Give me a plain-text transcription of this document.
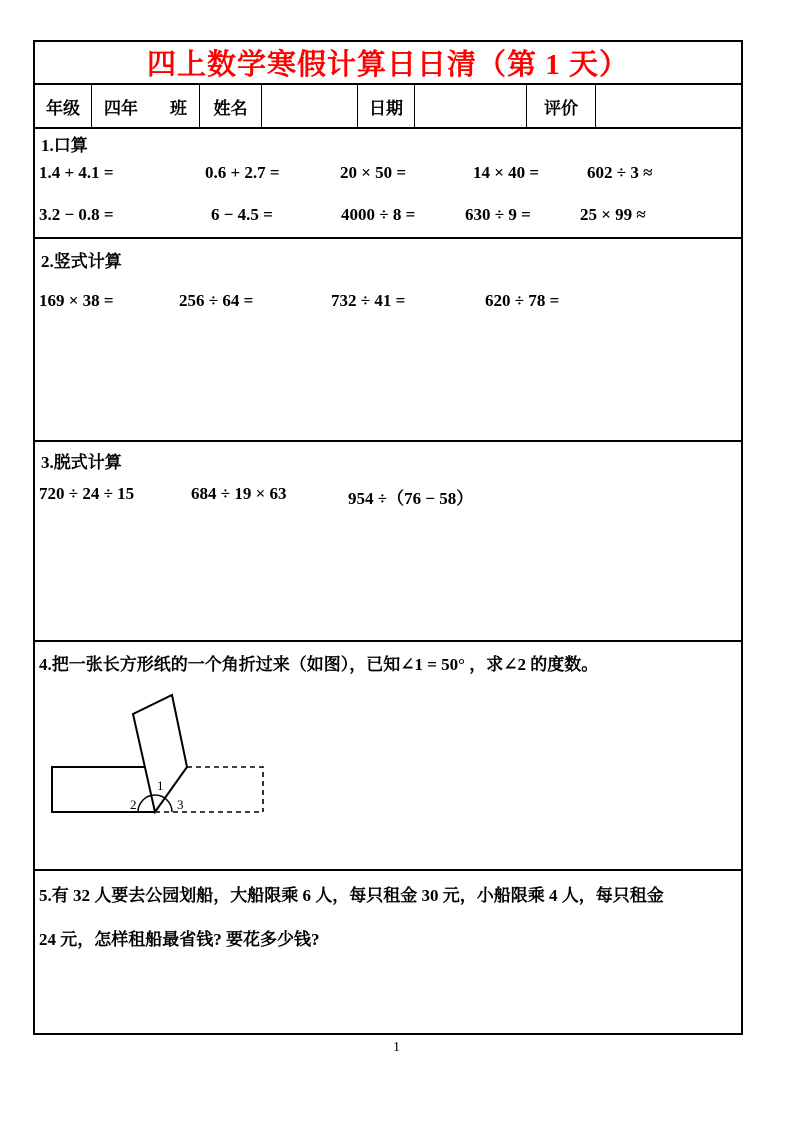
四上数学寒假计算日日清（第 1 天）
年级 四年 班 姓名	日期	评价
1.口算
1.4 + 4.1 =	0.6 + 2.7 =	20 × 50 =	14 × 40 =	602 ÷ 3 ≈
3.2 − 0.8 =	6 − 4.5 =	4000 ÷ 8 =	630 ÷ 9 =	25 × 99 ≈
2.竖式计算
169 × 38 =	256 ÷ 64 =	732 ÷ 41 =	620 ÷ 78 =
3.脱式计算
720 ÷ 24 ÷ 15	684 ÷ 19 × 63	954 ÷（76 − 58）
4.把一张长方形纸的一个角折过来（如图），已知∠1 = 50° ，求∠2 的度数。
1
2	3
5.有 32 人要去公园划船，大船限乘 6 人，每只租金 30 元，小船限乘 4 人，每只租金
24 元，怎样租船最省钱? 要花多少钱?
1
